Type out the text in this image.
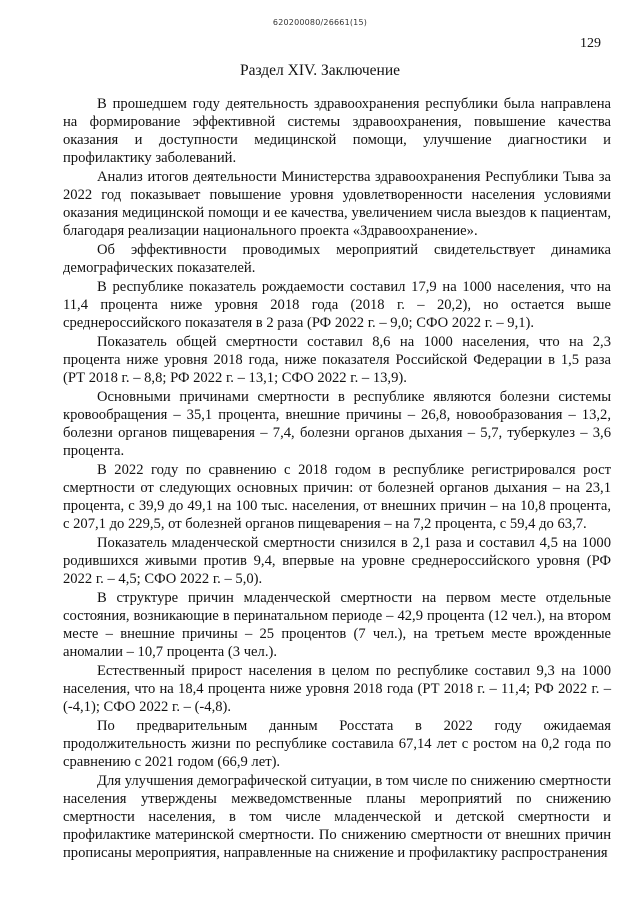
620200080/26661(15)
129
Раздел XIV. Заключение

В прошедшем году деятельность здравоохранения республики была направлена на формирование эффективной системы здравоохранения, повышение качества оказания и доступности медицинской помощи, улучшение диагностики и профилактику заболеваний.

Анализ итогов деятельности Министерства здравоохранения Республики Тыва за 2022 год показывает повышение уровня удовлетворенности населения условиями оказания медицинской помощи и ее качества, увеличением числа выездов к пациентам, благодаря реализации национального проекта «Здравоохранение».

Об эффективности проводимых мероприятий свидетельствует динамика демографических показателей.

В республике показатель рождаемости составил 17,9 на 1000 населения, что на 11,4 процента ниже уровня 2018 года (2018 г. – 20,2), но остается выше среднероссийского показателя в 2 раза (РФ 2022 г. – 9,0; СФО 2022 г. – 9,1).

Показатель общей смертности составил 8,6 на 1000 населения, что на 2,3 процента ниже уровня 2018 года, ниже показателя Российской Федерации в 1,5 раза (РТ 2018 г. – 8,8; РФ 2022 г. – 13,1; СФО 2022 г. – 13,9).

Основными причинами смертности в республике являются болезни системы кровообращения – 35,1 процента, внешние причины – 26,8, новообразования – 13,2, болезни органов пищеварения – 7,4, болезни органов дыхания – 5,7, туберкулез – 3,6 процента.

В 2022 году по сравнению с 2018 годом в республике регистрировался рост смертности от следующих основных причин: от болезней органов дыхания – на 23,1 процента, с 39,9 до 49,1 на 100 тыс. населения, от внешних причин – на 10,8 процента, с 207,1 до 229,5, от болезней органов пищеварения – на 7,2 процента, с 59,4 до 63,7.

Показатель младенческой смертности снизился в 2,1 раза и составил 4,5 на 1000 родившихся живыми против 9,4, впервые на уровне среднероссийского уровня (РФ 2022 г. – 4,5; СФО 2022 г. – 5,0).

В структуре причин младенческой смертности на первом месте отдельные состояния, возникающие в перинатальном периоде – 42,9 процента (12 чел.), на втором месте – внешние причины – 25 процентов (7 чел.), на третьем месте врожденные аномалии – 10,7 процента (3 чел.).

Естественный прирост населения в целом по республике составил 9,3 на 1000 населения, что на 18,4 процента ниже уровня 2018 года (РТ 2018 г. – 11,4; РФ 2022 г. – (-4,1); СФО 2022 г. – (-4,8).

По предварительным данным Росстата в 2022 году ожидаемая продолжительность жизни по республике составила 67,14 лет с ростом на 0,2 года по сравнению с 2021 годом (66,9 лет).

Для улучшения демографической ситуации, в том числе по снижению смертности населения утверждены межведомственные планы мероприятий по снижению смертности населения, в том числе младенческой и детской смертности и профилактике материнской смертности. По снижению смертности от внешних причин прописаны мероприятия, направленные на снижение и профилактику распространения
